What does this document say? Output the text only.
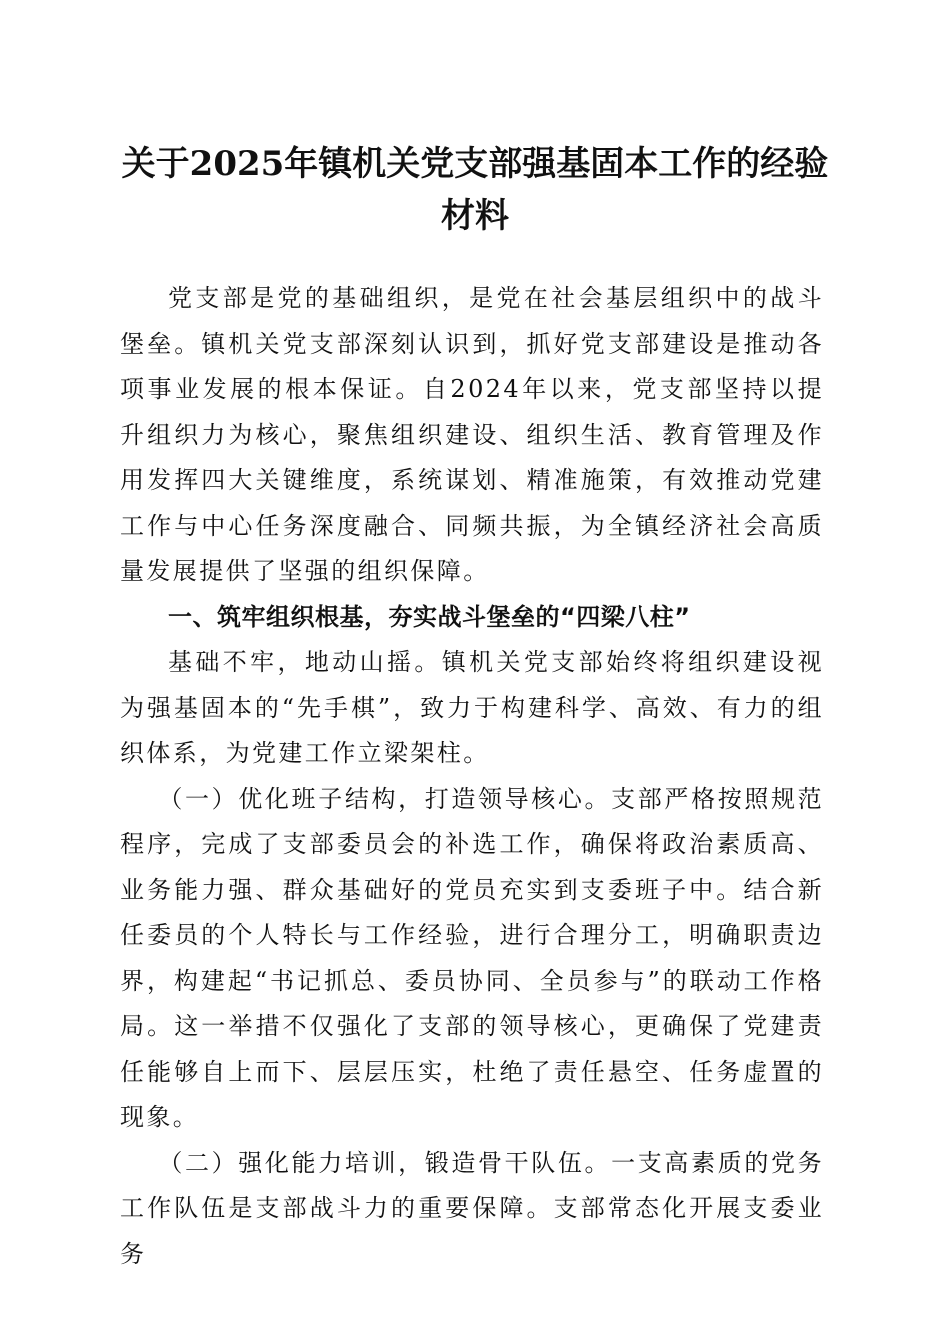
关于2025年镇机关党支部强基固本工作的经验材料

党支部是党的基础组织，是党在社会基层组织中的战斗堡垒。镇机关党支部深刻认识到，抓好党支部建设是推动各项事业发展的根本保证。自2024年以来，党支部坚持以提升组织力为核心，聚焦组织建设、组织生活、教育管理及作用发挥四大关键维度，系统谋划、精准施策，有效推动党建工作与中心任务深度融合、同频共振，为全镇经济社会高质量发展提供了坚强的组织保障。

一、筑牢组织根基，夯实战斗堡垒的“四梁八柱”

基础不牢，地动山摇。镇机关党支部始终将组织建设视为强基固本的“先手棋”，致力于构建科学、高效、有力的组织体系，为党建工作立梁架柱。

（一）优化班子结构，打造领导核心。支部严格按照规范程序，完成了支部委员会的补选工作，确保将政治素质高、业务能力强、群众基础好的党员充实到支委班子中。结合新任委员的个人特长与工作经验，进行合理分工，明确职责边界，构建起“书记抓总、委员协同、全员参与”的联动工作格局。这一举措不仅强化了支部的领导核心，更确保了党建责任能够自上而下、层层压实，杜绝了责任悬空、任务虚置的现象。

（二）强化能力培训，锻造骨干队伍。一支高素质的党务工作队伍是支部战斗力的重要保障。支部常态化开展支委业务
